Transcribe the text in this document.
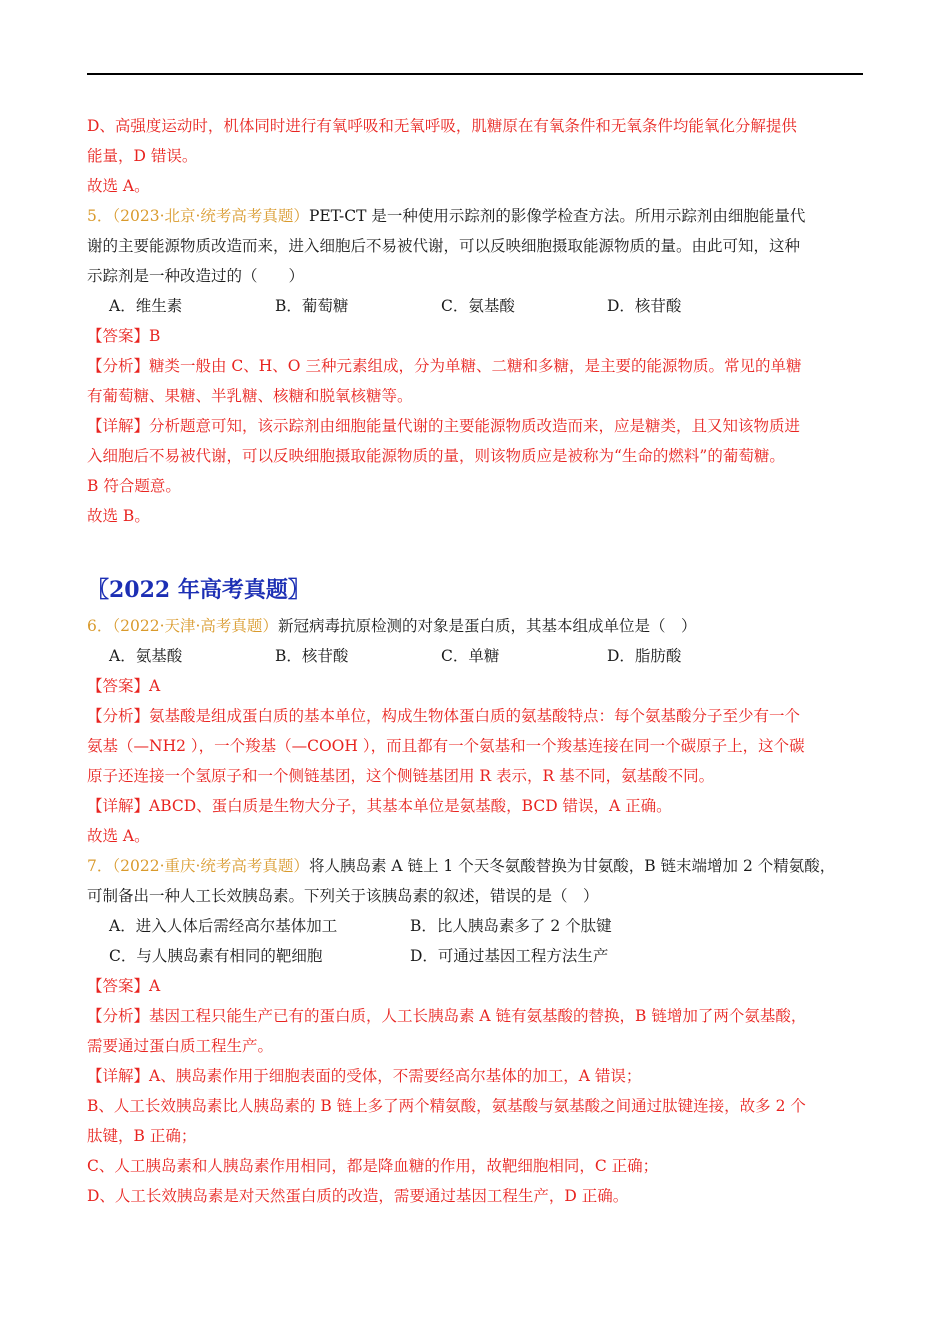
D、高强度运动时，机体同时进行有氧呼吸和无氧呼吸，肌糖原在有氧条件和无氧条件均能氧化分解提供
能量，D 错误。
故选 A。
5．（2023·北京·统考高考真题）PET-CT 是一种使用示踪剂的影像学检查方法。所用示踪剂由细胞能量代
谢的主要能源物质改造而来，进入细胞后不易被代谢，可以反映细胞摄取能源物质的量。由此可知，这种
示踪剂是一种改造过的（　　）
A．维生素	B．葡萄糖	C．氨基酸	D．核苷酸
【答案】B
【分析】糖类一般由 C、H、O 三种元素组成，分为单糖、二糖和多糖，是主要的能源物质。常见的单糖
有葡萄糖、果糖、半乳糖、核糖和脱氧核糖等。
【详解】分析题意可知，该示踪剂由细胞能量代谢的主要能源物质改造而来，应是糖类，且又知该物质进
入细胞后不易被代谢，可以反映细胞摄取能源物质的量，则该物质应是被称为“生命的燃料”的葡萄糖。
B 符合题意。
故选 B。
〖2022 年高考真题〗
6．（2022·天津·高考真题）新冠病毒抗原检测的对象是蛋白质，其基本组成单位是（　）
A．氨基酸	B．核苷酸	C．单糖	D．脂肪酸
【答案】A
【分析】氨基酸是组成蛋白质的基本单位，构成生物体蛋白质的氨基酸特点：每个氨基酸分子至少有一个
氨基（—NH2 ），一个羧基（—COOH ），而且都有一个氨基和一个羧基连接在同一个碳原子上，这个碳
原子还连接一个氢原子和一个侧链基团，这个侧链基团用 R 表示，R 基不同，氨基酸不同。
【详解】ABCD、蛋白质是生物大分子，其基本单位是氨基酸，BCD 错误，A 正确。
故选 A。
7．（2022·重庆·统考高考真题）将人胰岛素 A 链上 1 个天冬氨酸替换为甘氨酸，B 链末端增加 2 个精氨酸，
可制备出一种人工长效胰岛素。下列关于该胰岛素的叙述，错误的是（　）
A．进入人体后需经高尔基体加工	B．比人胰岛素多了 2 个肽键
C．与人胰岛素有相同的靶细胞	D．可通过基因工程方法生产
【答案】A
【分析】基因工程只能生产已有的蛋白质，人工长胰岛素 A 链有氨基酸的替换，B 链增加了两个氨基酸，
需要通过蛋白质工程生产。
【详解】A、胰岛素作用于细胞表面的受体，不需要经高尔基体的加工，A 错误；
B、人工长效胰岛素比人胰岛素的 B 链上多了两个精氨酸，氨基酸与氨基酸之间通过肽键连接，故多 2 个
肽键，B 正确；
C、人工胰岛素和人胰岛素作用相同，都是降血糖的作用，故靶细胞相同，C 正确；
D、人工长效胰岛素是对天然蛋白质的改造，需要通过基因工程生产，D 正确。
